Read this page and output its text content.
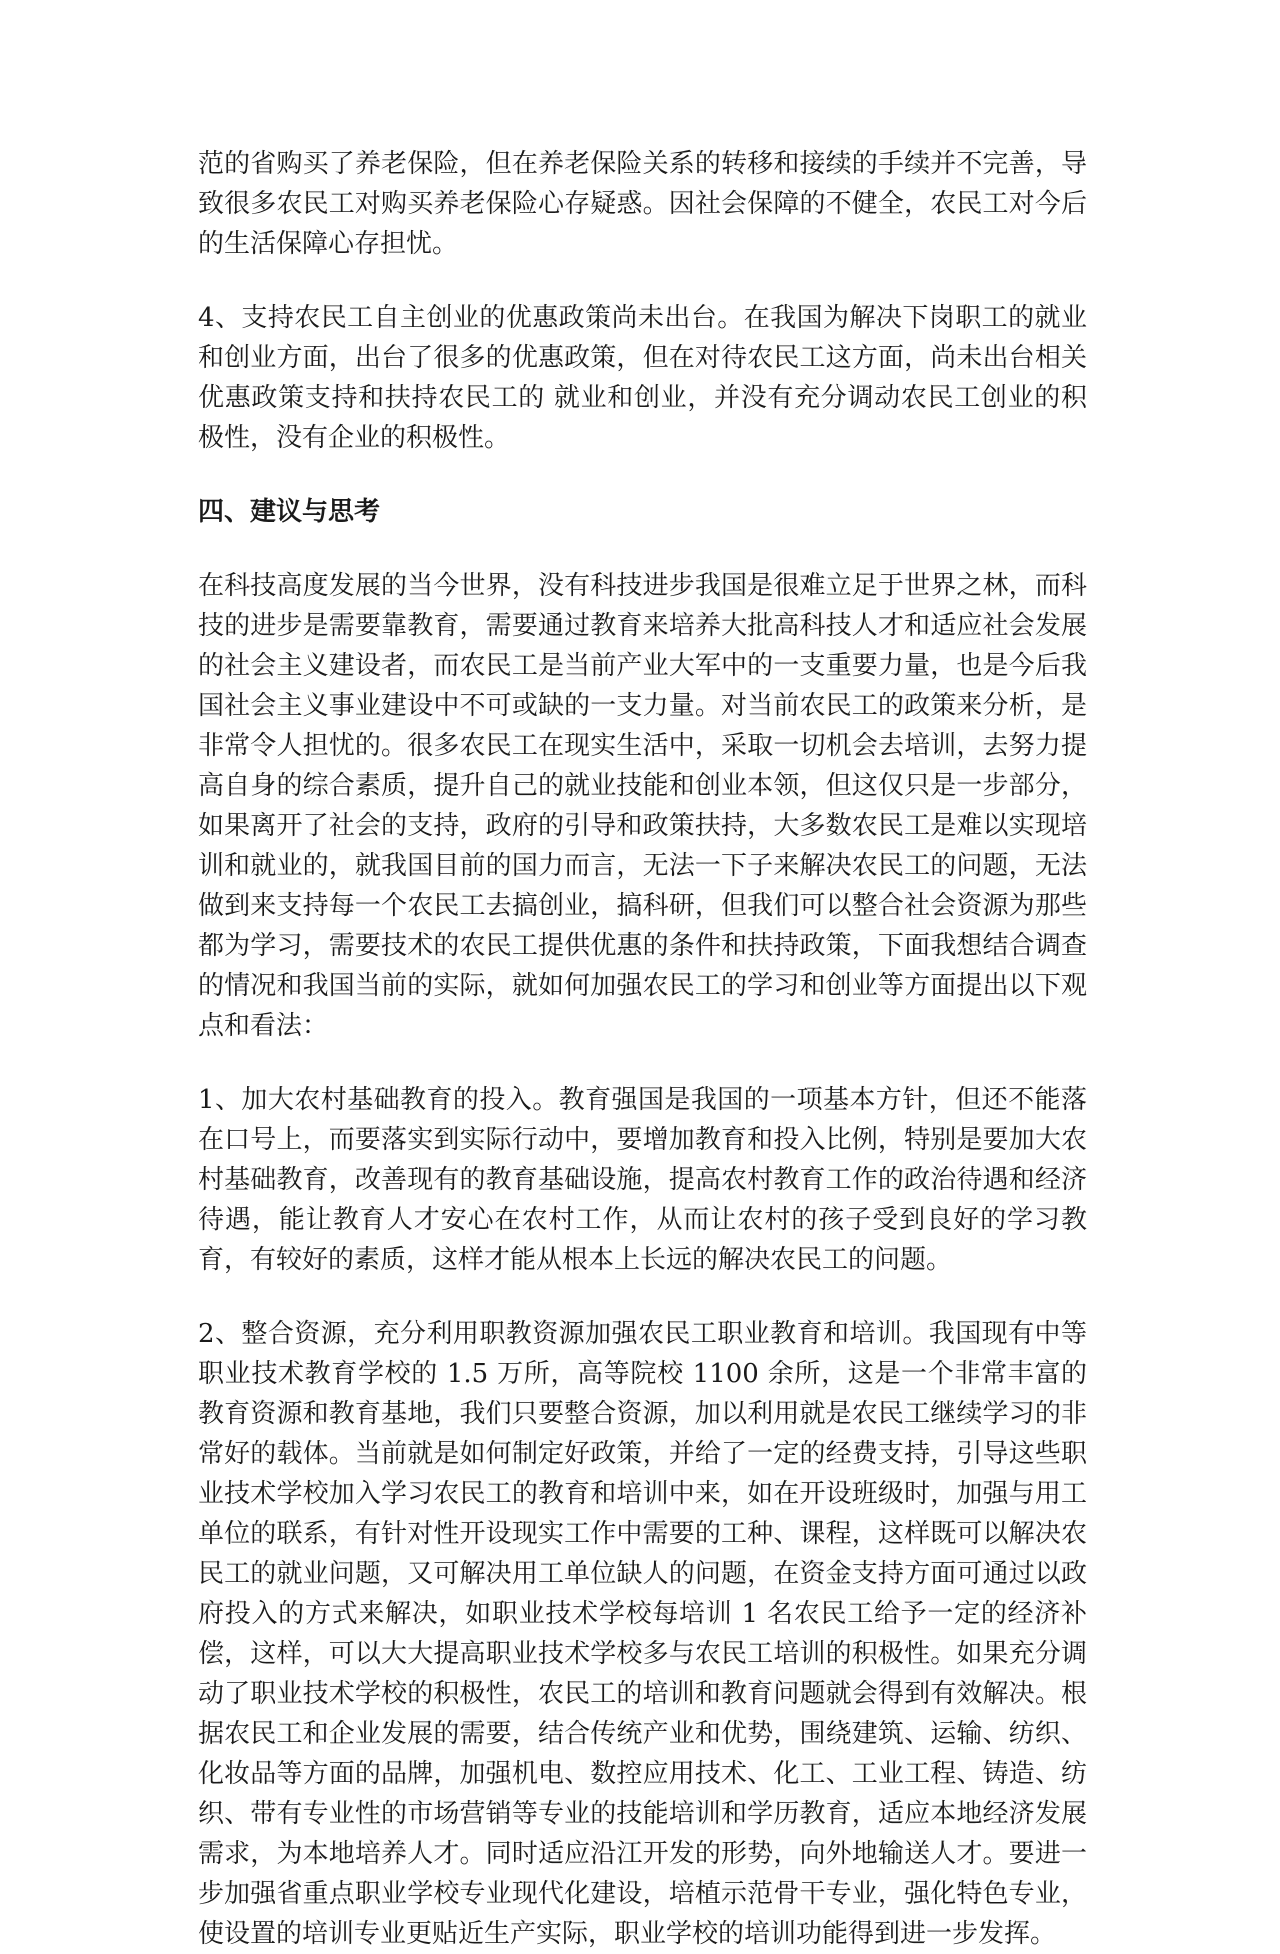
范的省购买了养老保险，但在养老保险关系的转移和接续的手续并不完善，导致很多农民工对购买养老保险心存疑惑。因社会保障的不健全，农民工对今后的生活保障心存担忧。

4、支持农民工自主创业的优惠政策尚未出台。在我国为解决下岗职工的就业和创业方面，出台了很多的优惠政策，但在对待农民工这方面，尚未出台相关优惠政策支持和扶持农民工的 就业和创业，并没有充分调动农民工创业的积极性，没有企业的积极性。

四、建议与思考

在科技高度发展的当今世界，没有科技进步我国是很难立足于世界之林，而科技的进步是需要靠教育，需要通过教育来培养大批高科技人才和适应社会发展的社会主义建设者，而农民工是当前产业大军中的一支重要力量，也是今后我国社会主义事业建设中不可或缺的一支力量。对当前农民工的政策来分析，是非常令人担忧的。很多农民工在现实生活中，采取一切机会去培训，去努力提高自身的综合素质，提升自己的就业技能和创业本领，但这仅只是一步部分，如果离开了社会的支持，政府的引导和政策扶持，大多数农民工是难以实现培训和就业的，就我国目前的国力而言，无法一下子来解决农民工的问题，无法做到来支持每一个农民工去搞创业，搞科研，但我们可以整合社会资源为那些都为学习，需要技术的农民工提供优惠的条件和扶持政策，下面我想结合调查的情况和我国当前的实际，就如何加强农民工的学习和创业等方面提出以下观点和看法：

1、加大农村基础教育的投入。教育强国是我国的一项基本方针，但还不能落在口号上，而要落实到实际行动中，要增加教育和投入比例，特别是要加大农村基础教育，改善现有的教育基础设施，提高农村教育工作的政治待遇和经济待遇，能让教育人才安心在农村工作，从而让农村的孩子受到良好的学习教育，有较好的素质，这样才能从根本上长远的解决农民工的问题。

2、整合资源，充分利用职教资源加强农民工职业教育和培训。我国现有中等职业技术教育学校的 1.5 万所，高等院校 1100 余所，这是一个非常丰富的教育资源和教育基地，我们只要整合资源，加以利用就是农民工继续学习的非常好的载体。当前就是如何制定好政策，并给了一定的经费支持，引导这些职业技术学校加入学习农民工的教育和培训中来，如在开设班级时，加强与用工单位的联系，有针对性开设现实工作中需要的工种、课程，这样既可以解决农民工的就业问题，又可解决用工单位缺人的问题，在资金支持方面可通过以政府投入的方式来解决，如职业技术学校每培训 1 名农民工给予一定的经济补偿，这样，可以大大提高职业技术学校多与农民工培训的积极性。如果充分调动了职业技术学校的积极性，农民工的培训和教育问题就会得到有效解决。根据农民工和企业发展的需要，结合传统产业和优势，围绕建筑、运输、纺织、化妆品等方面的品牌，加强机电、数控应用技术、化工、工业工程、铸造、纺织、带有专业性的市场营销等专业的技能培训和学历教育，适应本地经济发展需求，为本地培养人才。同时适应沿江开发的形势，向外地输送人才。要进一步加强省重点职业学校专业现代化建设，培植示范骨干专业，强化特色专业，使设置的培训专业更贴近生产实际，职业学校的培训功能得到进一步发挥。
